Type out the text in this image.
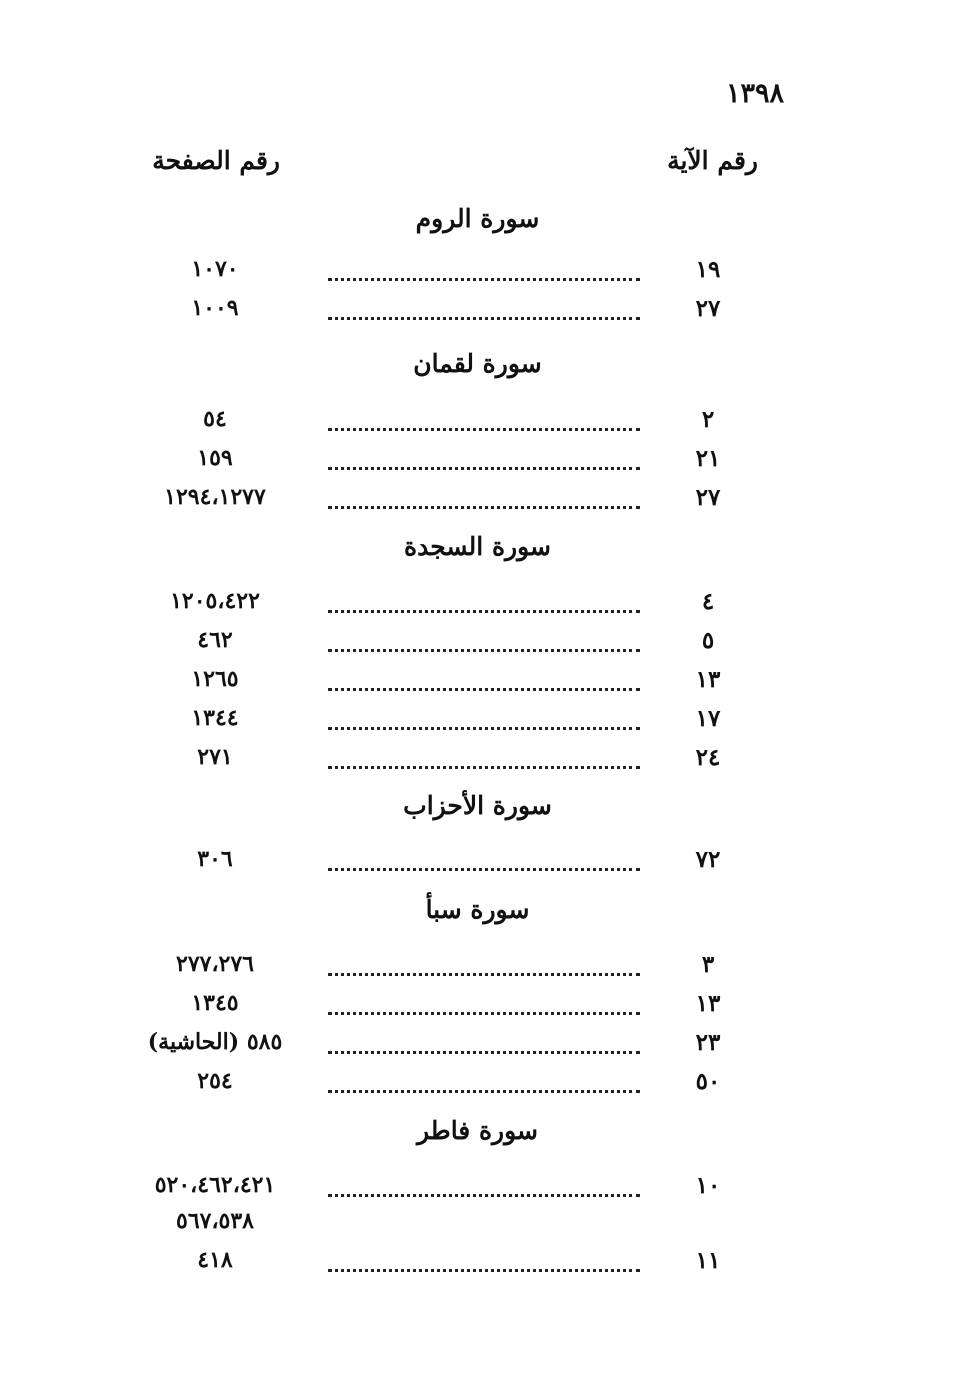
١٣٩٨
رقم الآية
رقم الصفحة
سورة الروم
١٩
١٠٧٠
٢٧
١٠٠٩
سورة لقمان
٢
٥٤
٢١
١٥٩
٢٧
١٢٩٤،١٢٧٧
سورة السجدة
٤
١٢٠٥،٤٢٢
٥
٤٦٢
١٣
١٢٦٥
١٧
١٣٤٤
٢٤
٢٧١
سورة الأحزاب
٧٢
٣٠٦
سورة سبأ
٣
٢٧٧،٢٧٦
١٣
١٣٤٥
٢٣
٥٨٥ (الحاشية)
٥٠
٢٥٤
سورة فاطر
١٠
٥٢٠،٤٦٢،٤٢١
٥٦٧،٥٣٨
١١
٤١٨
